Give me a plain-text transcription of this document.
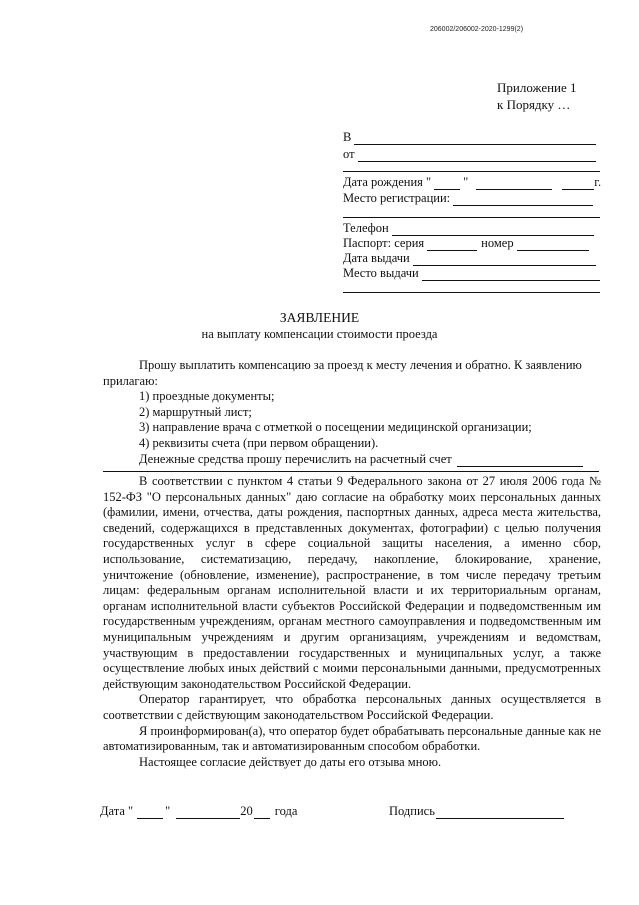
206002/206002-2020-1299(2)
Приложение 1
к Порядку …
В
от
Дата рождения "	"	г.
Место регистрации:
Телефон
Паспорт: серия	номер
Дата выдачи
Место выдачи
ЗАЯВЛЕНИЕ
на выплату компенсации стоимости проезда

Прошу выплатить компенсацию за проезд к месту лечения и обратно. К заявлению прилагаю:

1) проездные документы;

2) маршрутный лист;

3) направление врача с отметкой о посещении медицинской организации;

4) реквизиты счета (при первом обращении).

Денежные средства прошу перечислить на расчетный счет

В соответствии с пунктом 4 статьи 9 Федерального закона от 27 июля 2006 года № 152-ФЗ "О персональных данных" даю согласие на обработку моих персональных данных (фамилии, имени, отчества, даты рождения, паспортных данных, адреса места жительства, сведений, содержащихся в представленных документах, фотографии) с целью получения государственных услуг в сфере социальной защиты населения, а именно сбор, использование, систематизацию, передачу, накопление, блокирование, хранение, уничтожение (обновление, изменение), распространение, в том числе передачу третьим лицам: федеральным органам исполнительной власти и их территориальным органам, органам исполнительной власти субъектов Российской Федерации и подведомственным им государственным учреждениям, органам местного самоуправления и подведомственным им муниципальным учреждениям и другим организациям, учреждениям и ведомствам, участвующим в предоставлении государственных и муниципальных услуг, а также осуществление любых иных действий с моими персональными данными, предусмотренных действующим законодательством Российской Федерации.

Оператор гарантирует, что обработка персональных данных осуществляется в соответствии с действующим законодательством Российской Федерации.

Я проинформирован(а), что оператор будет обрабатывать персональные данные как не автоматизированным, так и автоматизированным способом обработки.

Настоящее согласие действует до даты его отзыва мною.

Дата "	"	20 года	Подпись
